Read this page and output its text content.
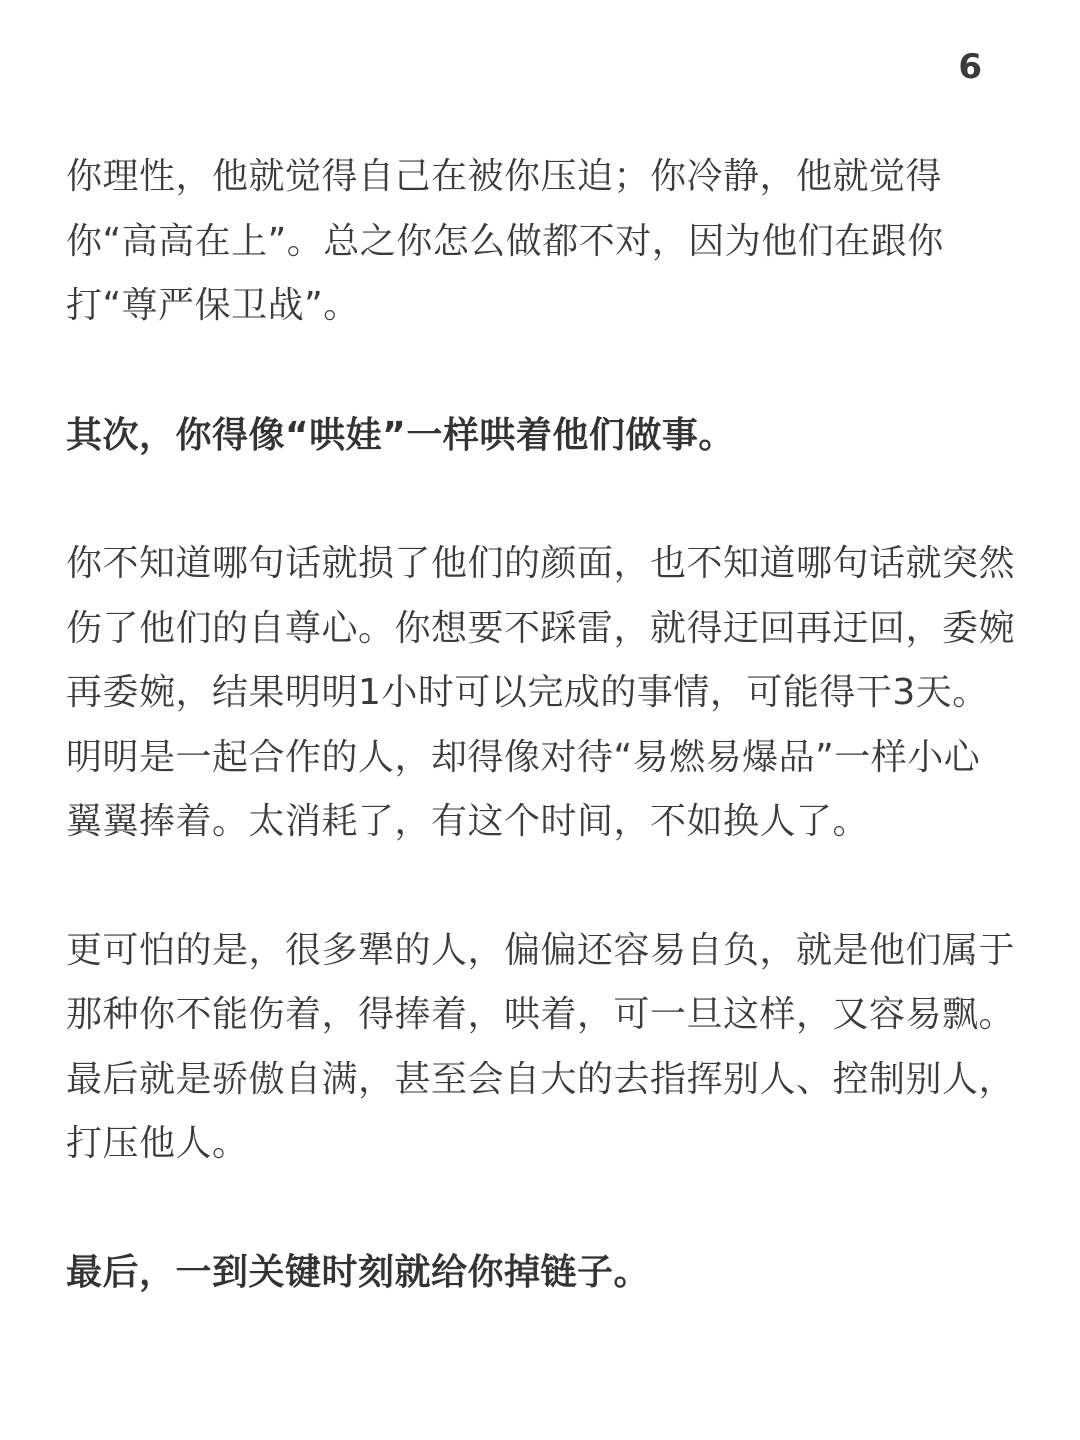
6

你理性，他就觉得自己在被你压迫；你冷静，他就觉得你“高高在上”。总之你怎么做都不对，因为他们在跟你打“尊严保卫战”。

其次，你得像“哄娃”一样哄着他们做事。

你不知道哪句话就损了他们的颜面，也不知道哪句话就突然伤了他们的自尊心。你想要不踩雷，就得迂回再迂回，委婉再委婉，结果明明1小时可以完成的事情，可能得干3天。明明是一起合作的人，却得像对待“易燃易爆品”一样小心翼翼捧着。太消耗了，有这个时间，不如换人了。

更可怕的是，很多犟的人，偏偏还容易自负，就是他们属于那种你不能伤着，得捧着，哄着，可一旦这样，又容易飘。最后就是骄傲自满，甚至会自大的去指挥别人、控制别人，打压他人。

最后，一到关键时刻就给你掉链子。
